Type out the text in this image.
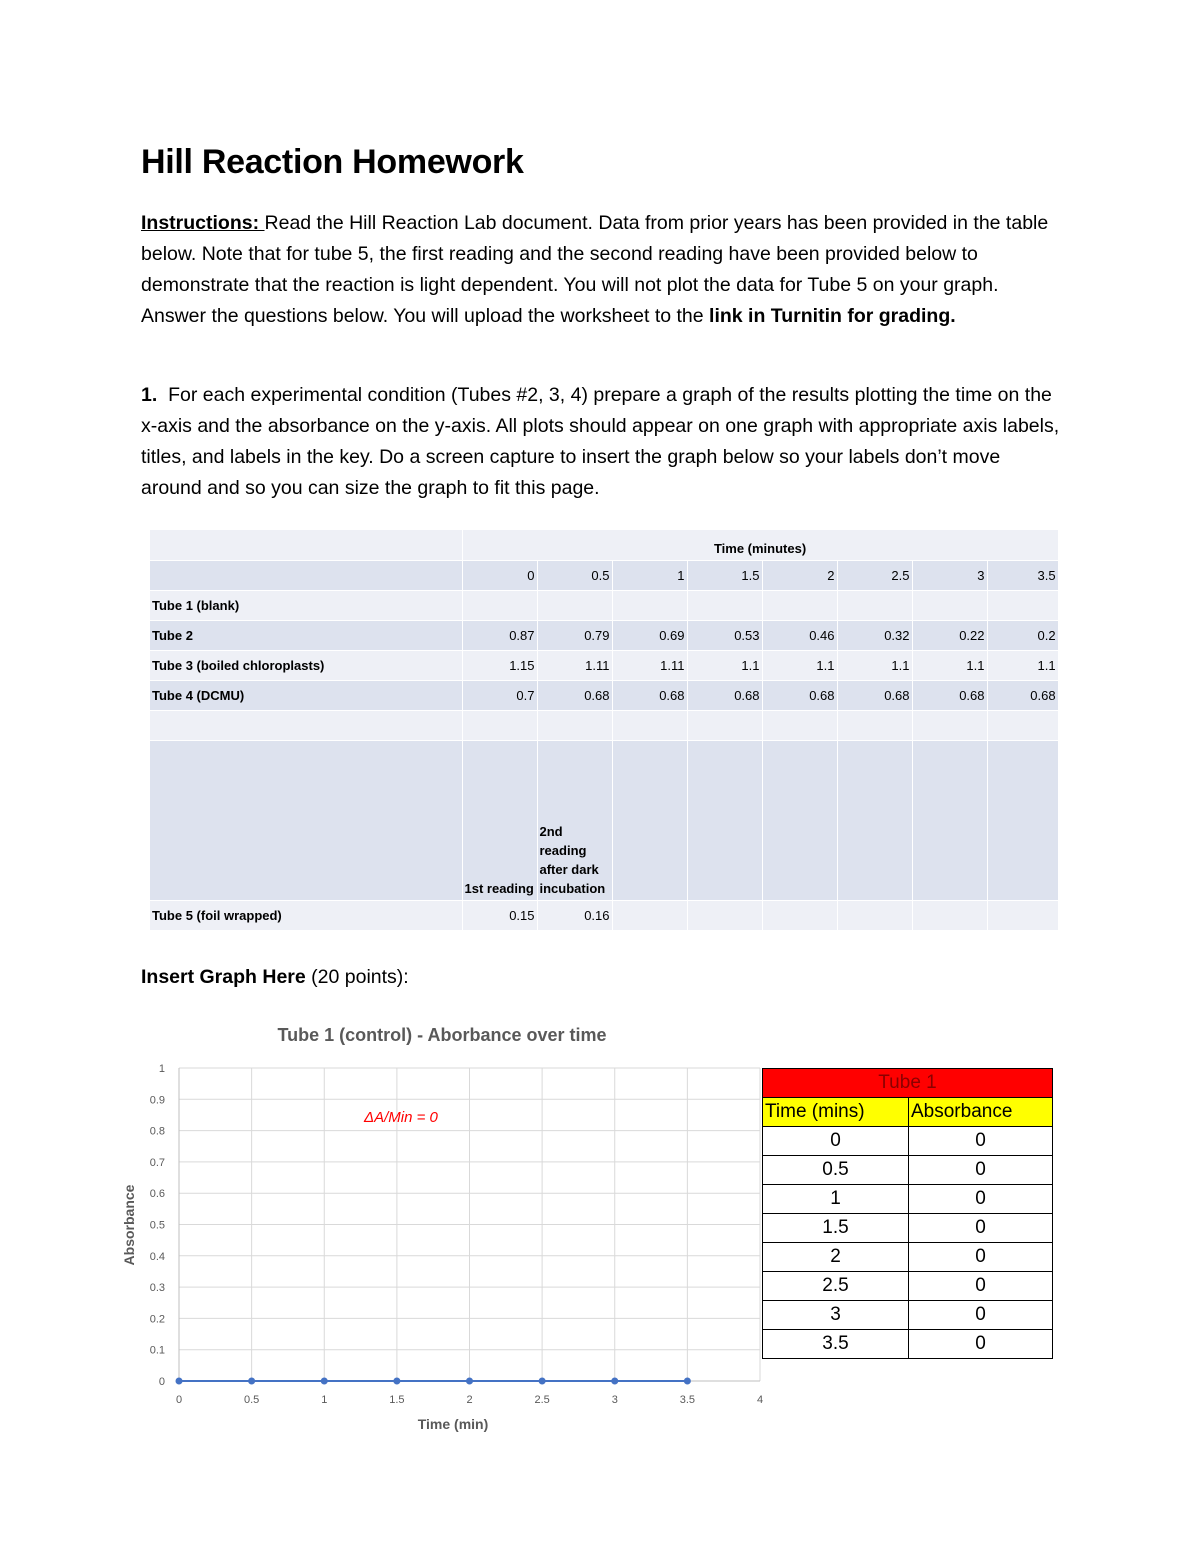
Hill Reaction Homework

Instructions: Read the Hill Reaction Lab document. Data from prior years has been provided in the table below. Note that for tube 5, the first reading and the second reading have been provided below to demonstrate that the reaction is light dependent. You will not plot the data for Tube 5 on your graph. Answer the questions below. You will upload the worksheet to the link in Turnitin for grading.

1. For each experimental condition (Tubes #2, 3, 4) prepare a graph of the results plotting the time on the x-axis and the absorbance on the y-axis. All plots should appear on one graph with appropriate axis labels, titles, and labels in the key. Do a screen capture to insert the graph below so your labels don’t move around and so you can size the graph to fit this page.

	Time (minutes)							
	0	0.5	1	1.5	2	2.5	3	3.5
Tube 1 (blank)								
Tube 2	0.87	0.79	0.69	0.53	0.46	0.32	0.22	0.2
Tube 3 (boiled chloroplasts)	1.15	1.11	1.11	1.1	1.1	1.1	1.1	1.1
Tube 4 (DCMU)	0.7	0.68	0.68	0.68	0.68	0.68	0.68	0.68

	1st reading	2nd reading after dark incubation						
Tube 5 (foil wrapped)	0.15	0.16						

Insert Graph Here (20 points):

0
0.1
0.2
0.3
0.4
0.5
0.6
0.7
0.8
0.9
1
0	0.5	1	1.5	2	2.5	3	3.5	4
Tube 1 (control) - Aborbance over time
Time (min)
Absorbance
ΔA/Min = 0
Tube 1	
Time (mins)	Absorbance
0	0
0.5	0
1	0
1.5	0
2	0
2.5	0
3	0
3.5	0
